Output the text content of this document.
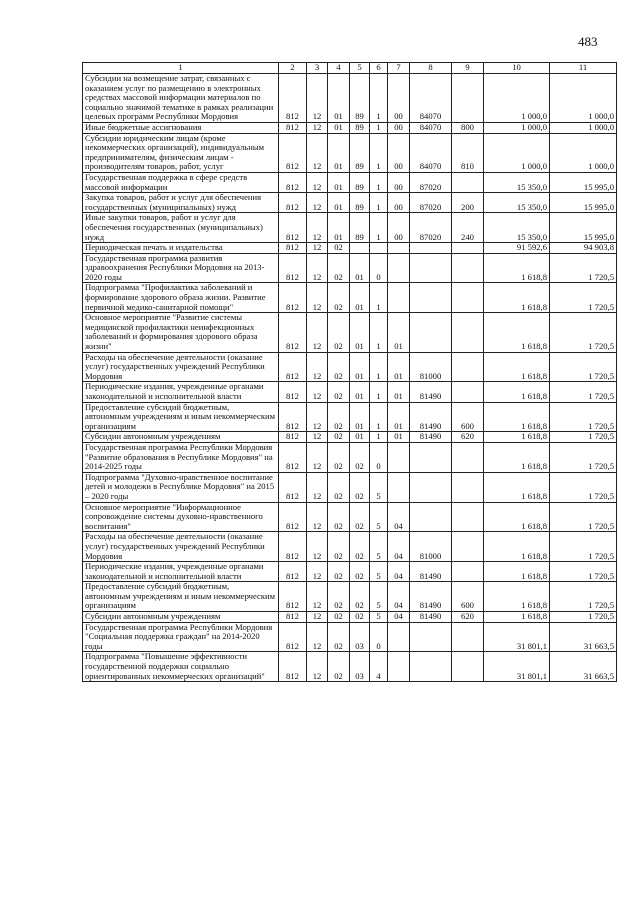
483
1	2	3	4	5	6	7	8	9	10	11
Субсидии на возмещение затрат, связанных с оказанием услуг по размещению в электронных средствах массовой информации материалов по социально значимой тематике в рамках реализации целевых программ Республики Мордовия	812	12	01	89	1	00	84070		1 000,0	1 000,0
Иные бюджетные ассигнования	812	12	01	89	1	00	84070	800	1 000,0	1 000,0
Субсидии юридическим лицам (кроме некоммерческих организаций), индивидуальным предпринимателям, физическим лицам - производителям товаров, работ, услуг	812	12	01	89	1	00	84070	810	1 000,0	1 000,0
Государственная поддержка в сфере средств массовой информации	812	12	01	89	1	00	87020		15 350,0	15 995,0
Закупка товаров, работ и услуг для обеспечения государственных (муниципальных) нужд	812	12	01	89	1	00	87020	200	15 350,0	15 995,0
Иные закупки товаров, работ и услуг для обеспечения государственных (муниципальных) нужд	812	12	01	89	1	00	87020	240	15 350,0	15 995,0
Периодическая печать и издательства	812	12	02						91 592,6	94 903,8
Государственная программа развития здравоохранения Республики Мордовия на 2013-2020 годы	812	12	02	01	0				1 618,8	1 720,5
Подпрограмма "Профилактика заболеваний и формирование здорового образа жизни. Развитие первичной медико-санитарной помощи"	812	12	02	01	1				1 618,8	1 720,5
Основное мероприятие "Развитие системы медицинской профилактики неинфекционных заболеваний и формирования здорового образа жизни"	812	12	02	01	1	01			1 618,8	1 720,5
Расходы на обеспечение деятельности (оказание услуг) государственных учреждений Республики Мордовия	812	12	02	01	1	01	81000		1 618,8	1 720,5
Периодические издания, учрежденные органами законодательной и исполнительной власти	812	12	02	01	1	01	81490		1 618,8	1 720,5
Предоставление субсидий бюджетным, автономным учреждениям и иным некоммерческим организациям	812	12	02	01	1	01	81490	600	1 618,8	1 720,5
Субсидии автономным учреждениям	812	12	02	01	1	01	81490	620	1 618,8	1 720,5
Государственная программа Республики Мордовия "Развитие образования в Республике Мордовия" на 2014-2025 годы	812	12	02	02	0				1 618,8	1 720,5
Подпрограмма "Духовно-нравственное воспитание детей и молодежи в Республике Мордовия" на 2015 – 2020 годы	812	12	02	02	5				1 618,8	1 720,5
Основное мероприятие "Информационное сопровождение системы духовно-нравственного воспитания"	812	12	02	02	5	04			1 618,8	1 720,5
Расходы на обеспечение деятельности (оказание услуг) государственных учреждений Республики Мордовия	812	12	02	02	5	04	81000		1 618,8	1 720,5
Периодические издания, учрежденные органами законодательной и исполнительной власти	812	12	02	02	5	04	81490		1 618,8	1 720,5
Предоставление субсидий бюджетным, автономным учреждениям и иным некоммерческим организациям	812	12	02	02	5	04	81490	600	1 618,8	1 720,5
Субсидии автономным учреждениям	812	12	02	02	5	04	81490	620	1 618,8	1 720,5
Государственная программа Республики Мордовия "Социальная поддержка граждан" на 2014-2020 годы	812	12	02	03	0				31 801,1	31 663,5
Подпрограмма "Повышение эффективности государственной поддержки социально ориентированных некоммерческих организаций"	812	12	02	03	4				31 801,1	31 663,5
